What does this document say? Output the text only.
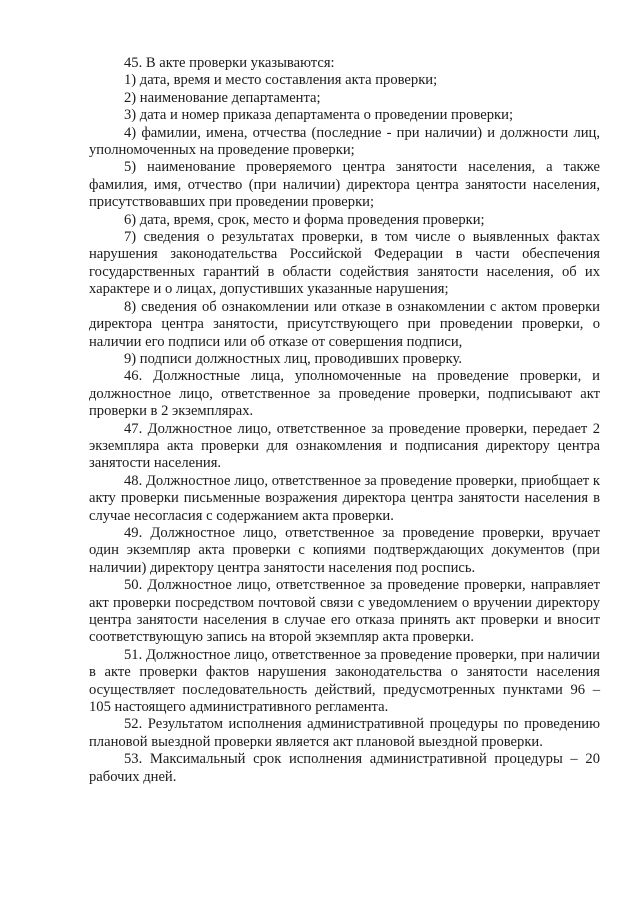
45. В акте проверки указываются:

1) дата, время и место составления акта проверки;

2) наименование департамента;

3) дата и номер приказа департамента о проведении проверки;

4) фамилии, имена, отчества (последние - при наличии) и должности лиц, уполномоченных на проведение проверки;

5) наименование проверяемого центра занятости населения, а также фамилия, имя, отчество (при наличии) директора центра занятости населения, присутствовавших при проведении проверки;

6) дата, время, срок, место и форма проведения проверки;

7) сведения о результатах проверки, в том числе о выявленных фактах нарушения законодательства Российской Федерации в части обеспечения государственных гарантий в области содействия занятости населения, об их характере и о лицах, допустивших указанные нарушения;

8) сведения об ознакомлении или отказе в ознакомлении с актом проверки директора центра занятости, присутствующего при проведении проверки, о наличии его подписи или об отказе от совершения подписи,

9) подписи должностных лиц, проводивших проверку.

46. Должностные лица, уполномоченные на проведение проверки, и должностное лицо, ответственное за проведение проверки, подписывают акт проверки в 2 экземплярах.

47. Должностное лицо, ответственное за проведение проверки, передает 2 экземпляра акта проверки для ознакомления и подписания директору центра занятости населения.

48. Должностное лицо, ответственное за проведение проверки, приобщает к акту проверки письменные возражения директора центра занятости населения в случае несогласия с содержанием акта проверки.

49. Должностное лицо, ответственное за проведение проверки, вручает один экземпляр акта проверки с копиями подтверждающих документов (при наличии) директору центра занятости населения под роспись.

50. Должностное лицо, ответственное за проведение проверки, направляет акт проверки посредством почтовой связи с уведомлением о вручении директору центра занятости населения в случае его отказа принять акт проверки и вносит соответствующую запись на второй экземпляр акта проверки.

51. Должностное лицо, ответственное за проведение проверки, при наличии в акте проверки фактов нарушения законодательства о занятости населения осуществляет последовательность действий, предусмотренных пунктами 96 – 105 настоящего административного регламента.

52. Результатом исполнения административной процедуры по проведению плановой выездной проверки является акт плановой выездной проверки.

53. Максимальный срок исполнения административной процедуры – 20 рабочих дней.
